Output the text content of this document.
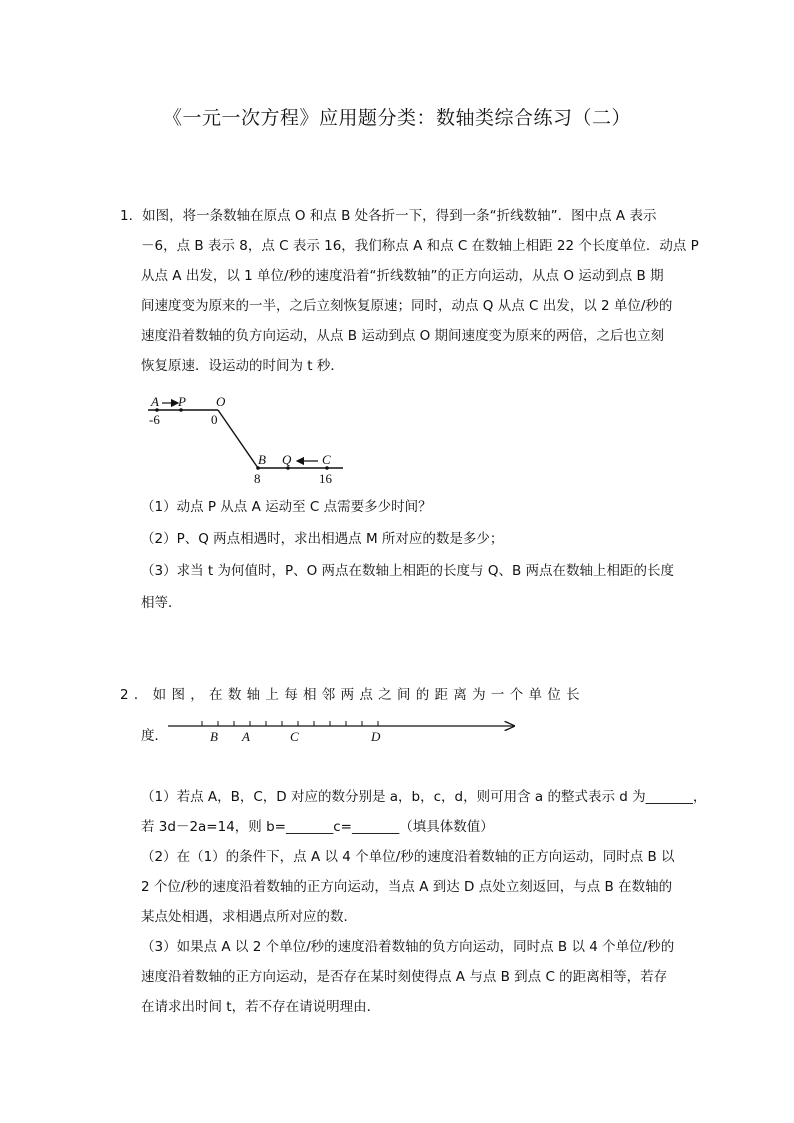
《一元一次方程》应用题分类：数轴类综合练习（二）
1．如图，将一条数轴在原点 O 和点 B 处各折一下，得到一条“折线数轴”．图中点 A 表示
－6，点 B 表示 8，点 C 表示 16，我们称点 A 和点 C 在数轴上相距 22 个长度单位．动点 P
从点 A 出发，以 1 单位/秒的速度沿着“折线数轴”的正方向运动，从点 O 运动到点 B 期
间速度变为原来的一半，之后立刻恢复原速；同时，动点 Q 从点 C 出发，以 2 单位/秒的
速度沿着数轴的负方向运动，从点 B 运动到点 O 期间速度变为原来的两倍，之后也立刻
恢复原速．设运动的时间为 t 秒．
A P O
B Q C
-6	0
8	16
（1）动点 P 从点 A 运动至 C 点需要多少时间？
（2）P、Q 两点相遇时，求出相遇点 M 所对应的数是多少；
（3）求当 t 为何值时，P、O 两点在数轴上相距的长度与 Q、B 两点在数轴上相距的长度
相等．
2 ． 如 图 ， 在 数 轴 上 每 相 邻 两 点 之 间 的 距 离 为 一 个 单 位 长
度．	B A	C	D
（1）若点 A，B，C，D 对应的数分别是 a，b，c，d，则可用含 a 的整式表示 d 为_______，
若 3d－2a=14，则 b=_______c=_______（填具体数值）
（2）在（1）的条件下，点 A 以 4 个单位/秒的速度沿着数轴的正方向运动，同时点 B 以
2 个位/秒的速度沿着数轴的正方向运动，当点 A 到达 D 点处立刻返回，与点 B 在数轴的
某点处相遇，求相遇点所对应的数．
（3）如果点 A 以 2 个单位/秒的速度沿着数轴的负方向运动，同时点 B 以 4 个单位/秒的
速度沿着数轴的正方向运动，是否存在某时刻使得点 A 与点 B 到点 C 的距离相等，若存
在请求出时间 t，若不存在请说明理由．
